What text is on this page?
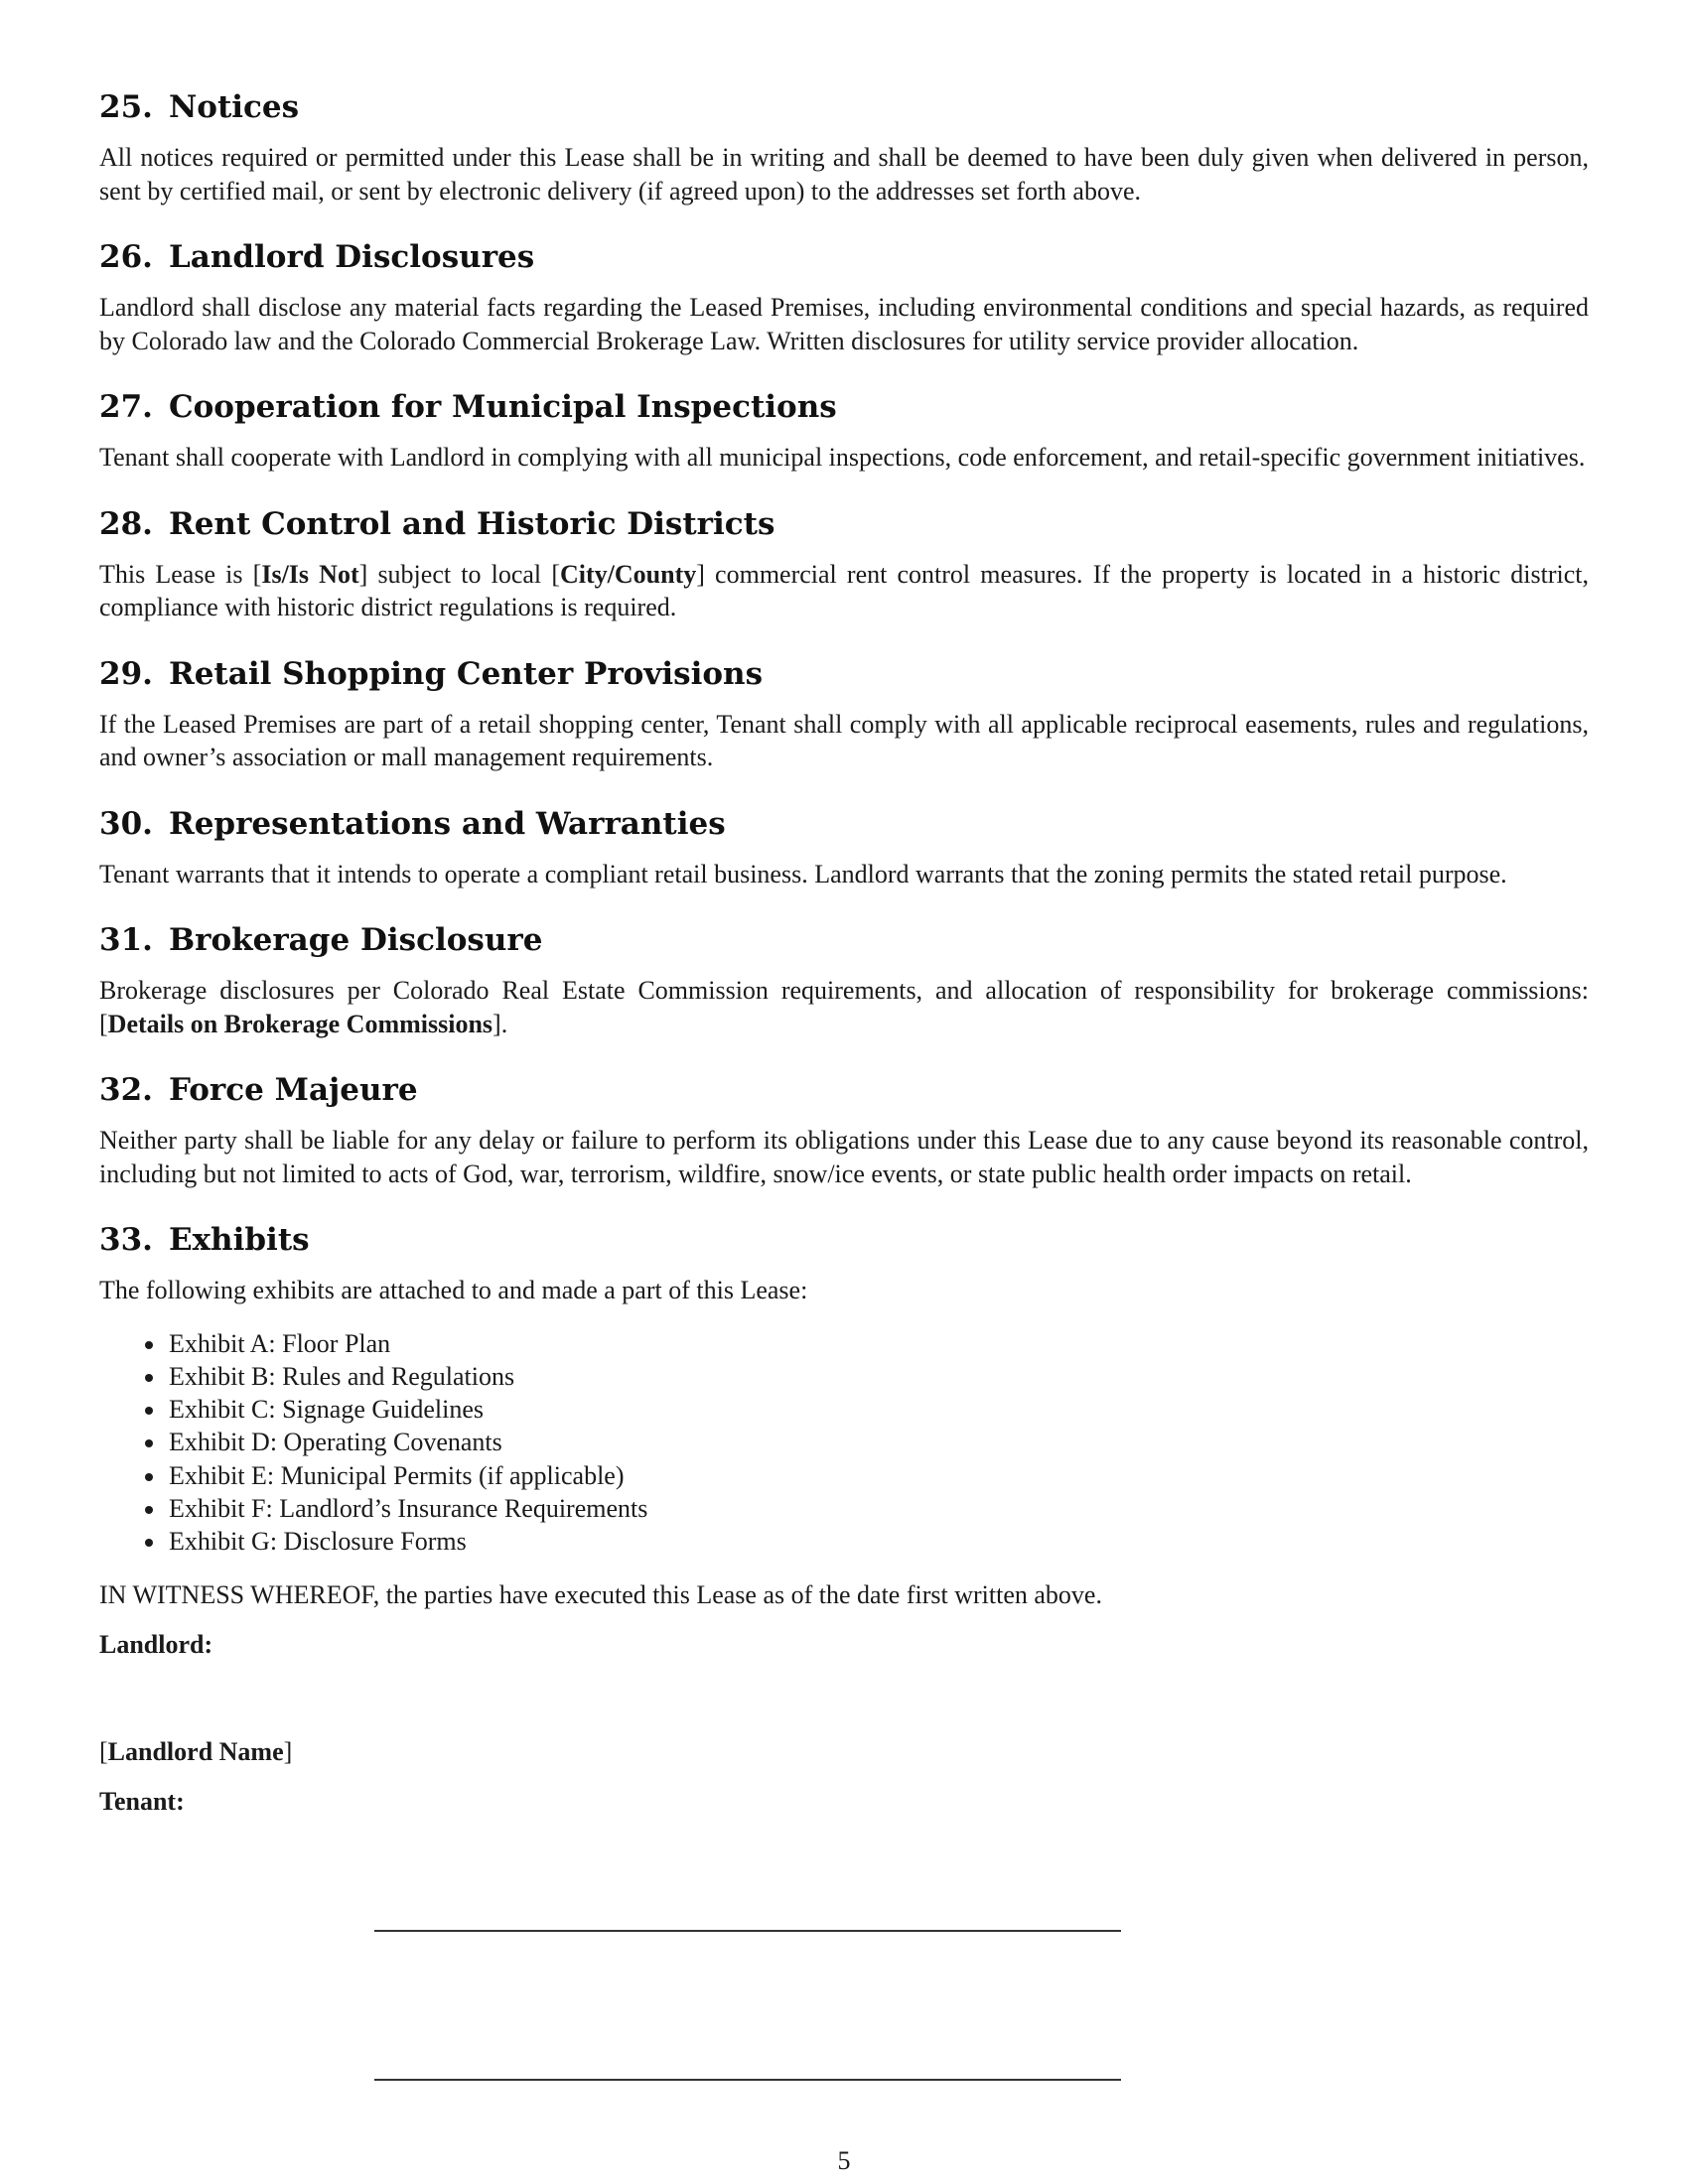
25. Notices

All notices required or permitted under this Lease shall be in writing and shall be deemed to have been duly given when delivered in person, sent by certified mail, or sent by electronic delivery (if agreed upon) to the addresses set forth above.

26. Landlord Disclosures

Landlord shall disclose any material facts regarding the Leased Premises, including environmental conditions and special hazards, as required by Colorado law and the Colorado Commercial Brokerage Law. Written disclosures for utility service provider allocation.

27. Cooperation for Municipal Inspections

Tenant shall cooperate with Landlord in complying with all municipal inspections, code enforcement, and retail-specific government initiatives.

28. Rent Control and Historic Districts

This Lease is [Is/Is Not] subject to local [City/County] commercial rent control measures. If the property is located in a historic district, compliance with historic district regulations is required.

29. Retail Shopping Center Provisions

If the Leased Premises are part of a retail shopping center, Tenant shall comply with all applicable reciprocal easements, rules and regulations, and owner’s association or mall management requirements.

30. Representations and Warranties

Tenant warrants that it intends to operate a compliant retail business. Landlord warrants that the zoning permits the stated retail purpose.

31. Brokerage Disclosure

Brokerage disclosures per Colorado Real Estate Commission requirements, and allocation of responsibility for brokerage commissions: [Details on Brokerage Commissions].

32. Force Majeure

Neither party shall be liable for any delay or failure to perform its obligations under this Lease due to any cause beyond its reasonable control, including but not limited to acts of God, war, terrorism, wildfire, snow/ice events, or state public health order impacts on retail.

33. Exhibits

The following exhibits are attached to and made a part of this Lease:

• Exhibit A: Floor Plan
• Exhibit B: Rules and Regulations
• Exhibit C: Signage Guidelines
• Exhibit D: Operating Covenants
• Exhibit E: Municipal Permits (if applicable)
• Exhibit F: Landlord’s Insurance Requirements
• Exhibit G: Disclosure Forms

IN WITNESS WHEREOF, the parties have executed this Lease as of the date first written above.

Landlord:

[Landlord Name]

Tenant:

5
